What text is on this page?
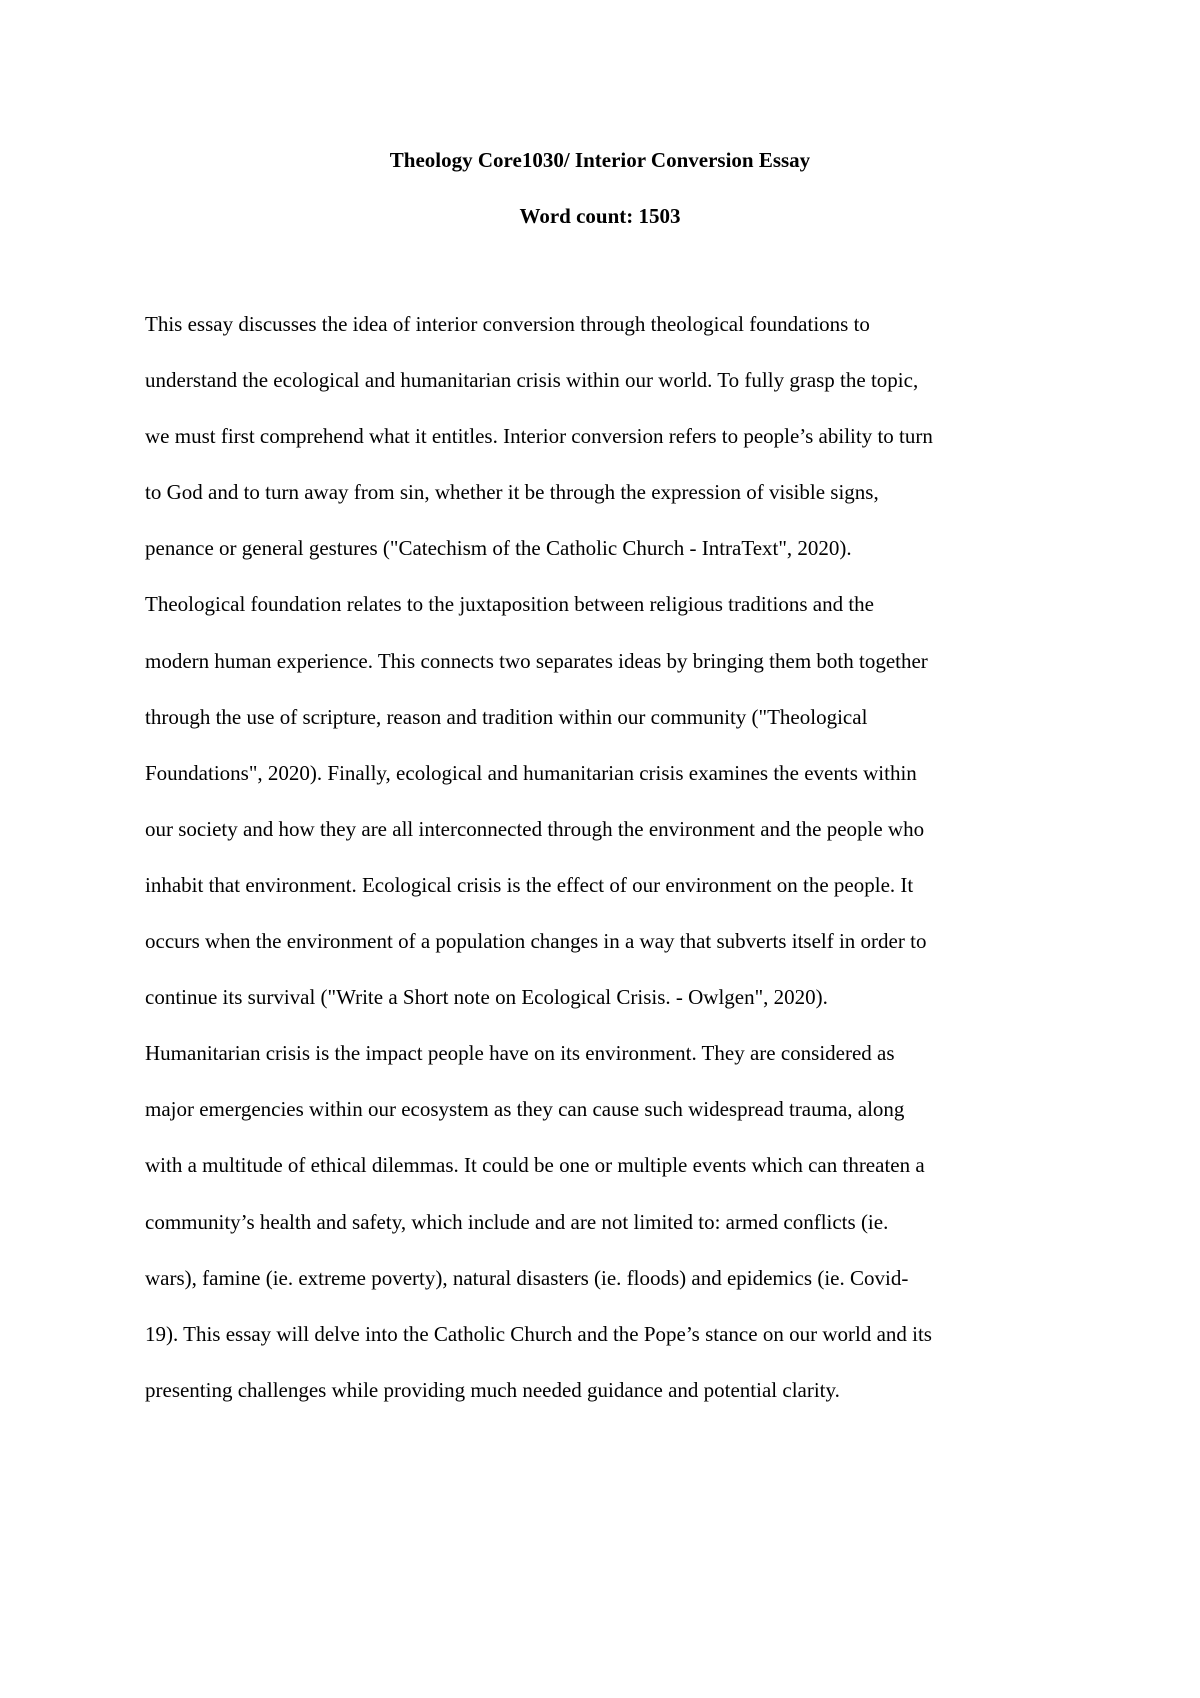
Theology Core1030/ Interior Conversion Essay
Word count: 1503
This essay discusses the idea of interior conversion through theological foundations to
understand the ecological and humanitarian crisis within our world. To fully grasp the topic,
we must first comprehend what it entitles. Interior conversion refers to people’s ability to turn
to God and to turn away from sin, whether it be through the expression of visible signs,
penance or general gestures ("Catechism of the Catholic Church - IntraText", 2020).
Theological foundation relates to the juxtaposition between religious traditions and the
modern human experience. This connects two separates ideas by bringing them both together
through the use of scripture, reason and tradition within our community ("Theological
Foundations", 2020). Finally, ecological and humanitarian crisis examines the events within
our society and how they are all interconnected through the environment and the people who
inhabit that environment. Ecological crisis is the effect of our environment on the people. It
occurs when the environment of a population changes in a way that subverts itself in order to
continue its survival ("Write a Short note on Ecological Crisis. - Owlgen", 2020).
Humanitarian crisis is the impact people have on its environment. They are considered as
major emergencies within our ecosystem as they can cause such widespread trauma, along
with a multitude of ethical dilemmas. It could be one or multiple events which can threaten a
community’s health and safety, which include and are not limited to: armed conflicts (ie.
wars), famine (ie. extreme poverty), natural disasters (ie. floods) and epidemics (ie. Covid-
19). This essay will delve into the Catholic Church and the Pope’s stance on our world and its
presenting challenges while providing much needed guidance and potential clarity.
